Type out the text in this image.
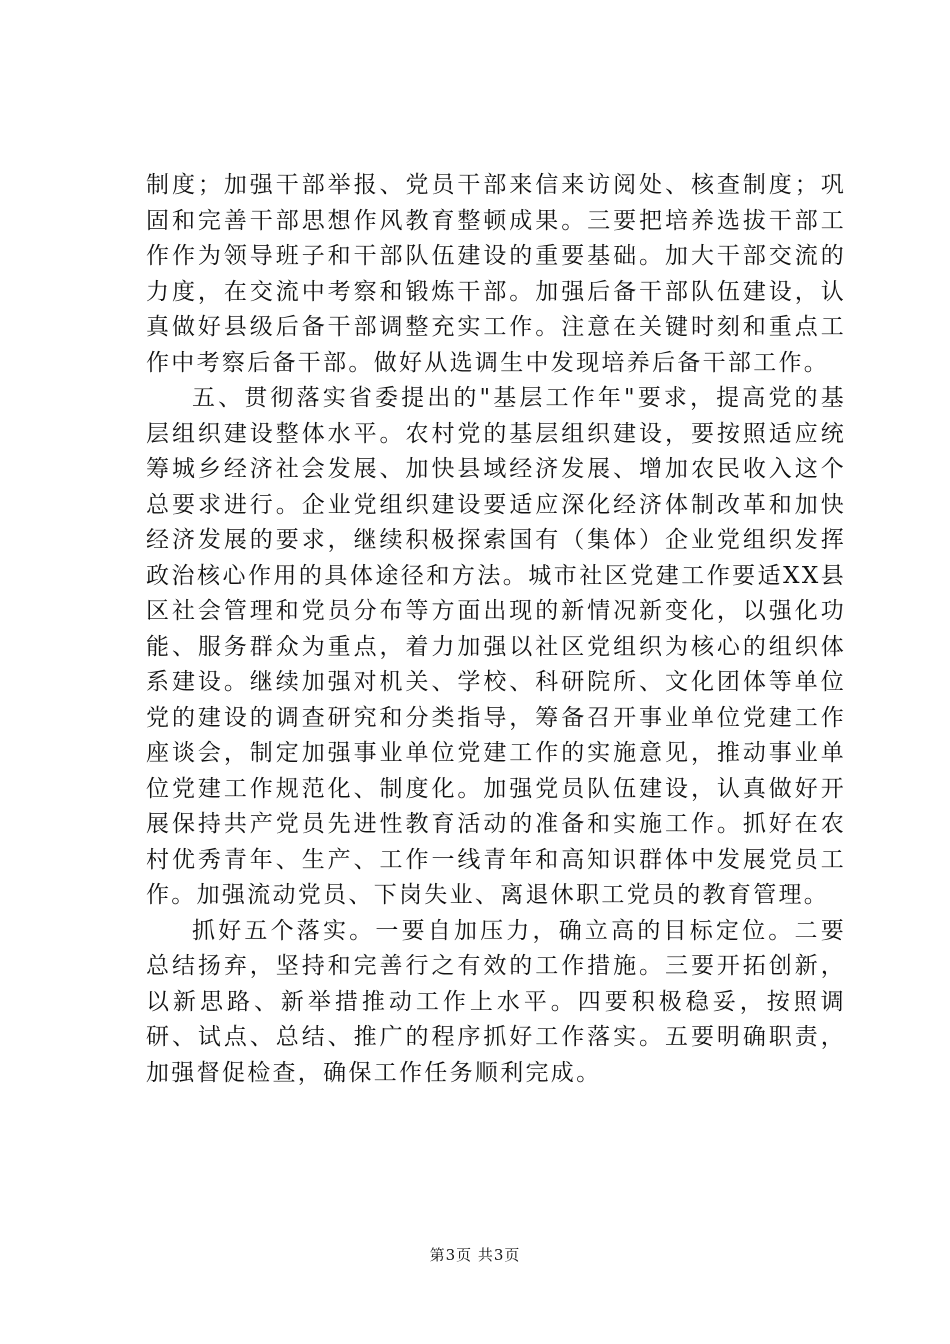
制度；加强干部举报、党员干部来信来访阅处、核查制度；巩固和完善干部思想作风教育整顿成果。三要把培养选拔干部工作作为领导班子和干部队伍建设的重要基础。加大干部交流的力度，在交流中考察和锻炼干部。加强后备干部队伍建设，认真做好县级后备干部调整充实工作。注意在关键时刻和重点工作中考察后备干部。做好从选调生中发现培养后备干部工作。

五、贯彻落实省委提出的"基层工作年"要求，提高党的基层组织建设整体水平。农村党的基层组织建设，要按照适应统筹城乡经济社会发展、加快县域经济发展、增加农民收入这个总要求进行。企业党组织建设要适应深化经济体制改革和加快经济发展的要求，继续积极探索国有（集体）企业党组织发挥政治核心作用的具体途径和方法。城市社区党建工作要适XX县区社会管理和党员分布等方面出现的新情况新变化，以强化功能、服务群众为重点，着力加强以社区党组织为核心的组织体系建设。继续加强对机关、学校、科研院所、文化团体等单位党的建设的调查研究和分类指导，筹备召开事业单位党建工作座谈会，制定加强事业单位党建工作的实施意见，推动事业单位党建工作规范化、制度化。加强党员队伍建设，认真做好开展保持共产党员先进性教育活动的准备和实施工作。抓好在农村优秀青年、生产、工作一线青年和高知识群体中发展党员工作。加强流动党员、下岗失业、离退休职工党员的教育管理。

抓好五个落实。一要自加压力，确立高的目标定位。二要总结扬弃，坚持和完善行之有效的工作措施。三要开拓创新，以新思路、新举措推动工作上水平。四要积极稳妥，按照调研、试点、总结、推广的程序抓好工作落实。五要明确职责，加强督促检查，确保工作任务顺利完成。

第3页 共3页
